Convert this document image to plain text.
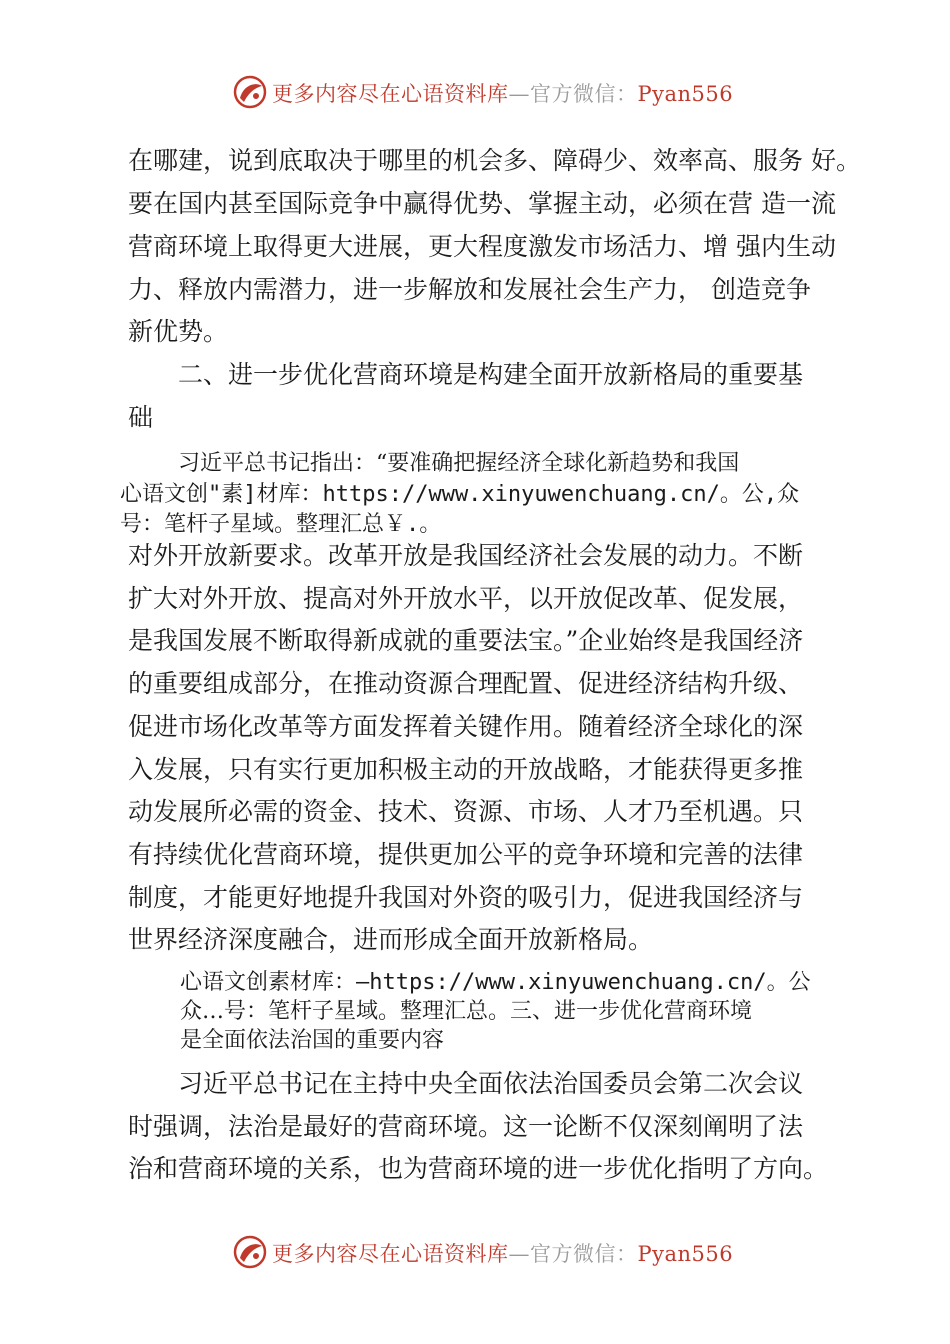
更多内容尽在心语资料库—官方微信：Pyan556
在哪建，说到底取决于哪里的机会多、障碍少、效率高、服务 好。
要在国内甚至国际竞争中赢得优势、掌握主动，必须在营 造一流
营商环境上取得更大进展，更大程度激发市场活力、增 强内生动
力、释放内需潜力，进一步解放和发展社会生产力， 创造竞争
新优势。
二、进一步优化营商环境是构建全面开放新格局的重要基
础
习近平总书记指出：“要准确把握经济全球化新趋势和我国
心语文创"素]材库：https://www.xinyuwenchuang.cn/。公,众
号：笔杆子星域。整理汇总￥.。
对外开放新要求。改革开放是我国经济社会发展的动力。不断
扩大对外开放、提高对外开放水平，以开放促改革、促发展，
是我国发展不断取得新成就的重要法宝。”企业始终是我国经济
的重要组成部分，在推动资源合理配置、促进经济结构升级、
促进市场化改革等方面发挥着关键作用。随着经济全球化的深
入发展，只有实行更加积极主动的开放战略，才能获得更多推
动发展所必需的资金、技术、资源、市场、人才乃至机遇。只
有持续优化营商环境，提供更加公平的竞争环境和完善的法律
制度，才能更好地提升我国对外资的吸引力，促进我国经济与
世界经济深度融合，进而形成全面开放新格局。
心语文创素材库：—https://www.xinyuwenchuang.cn/。公
众…号：笔杆子星域。整理汇总。三、进一步优化营商环境
是全面依法治国的重要内容
习近平总书记在主持中央全面依法治国委员会第二次会议
时强调，法治是最好的营商环境。这一论断不仅深刻阐明了法
治和营商环境的关系，也为营商环境的进一步优化指明了方向。
更多内容尽在心语资料库—官方微信：Pyan556
